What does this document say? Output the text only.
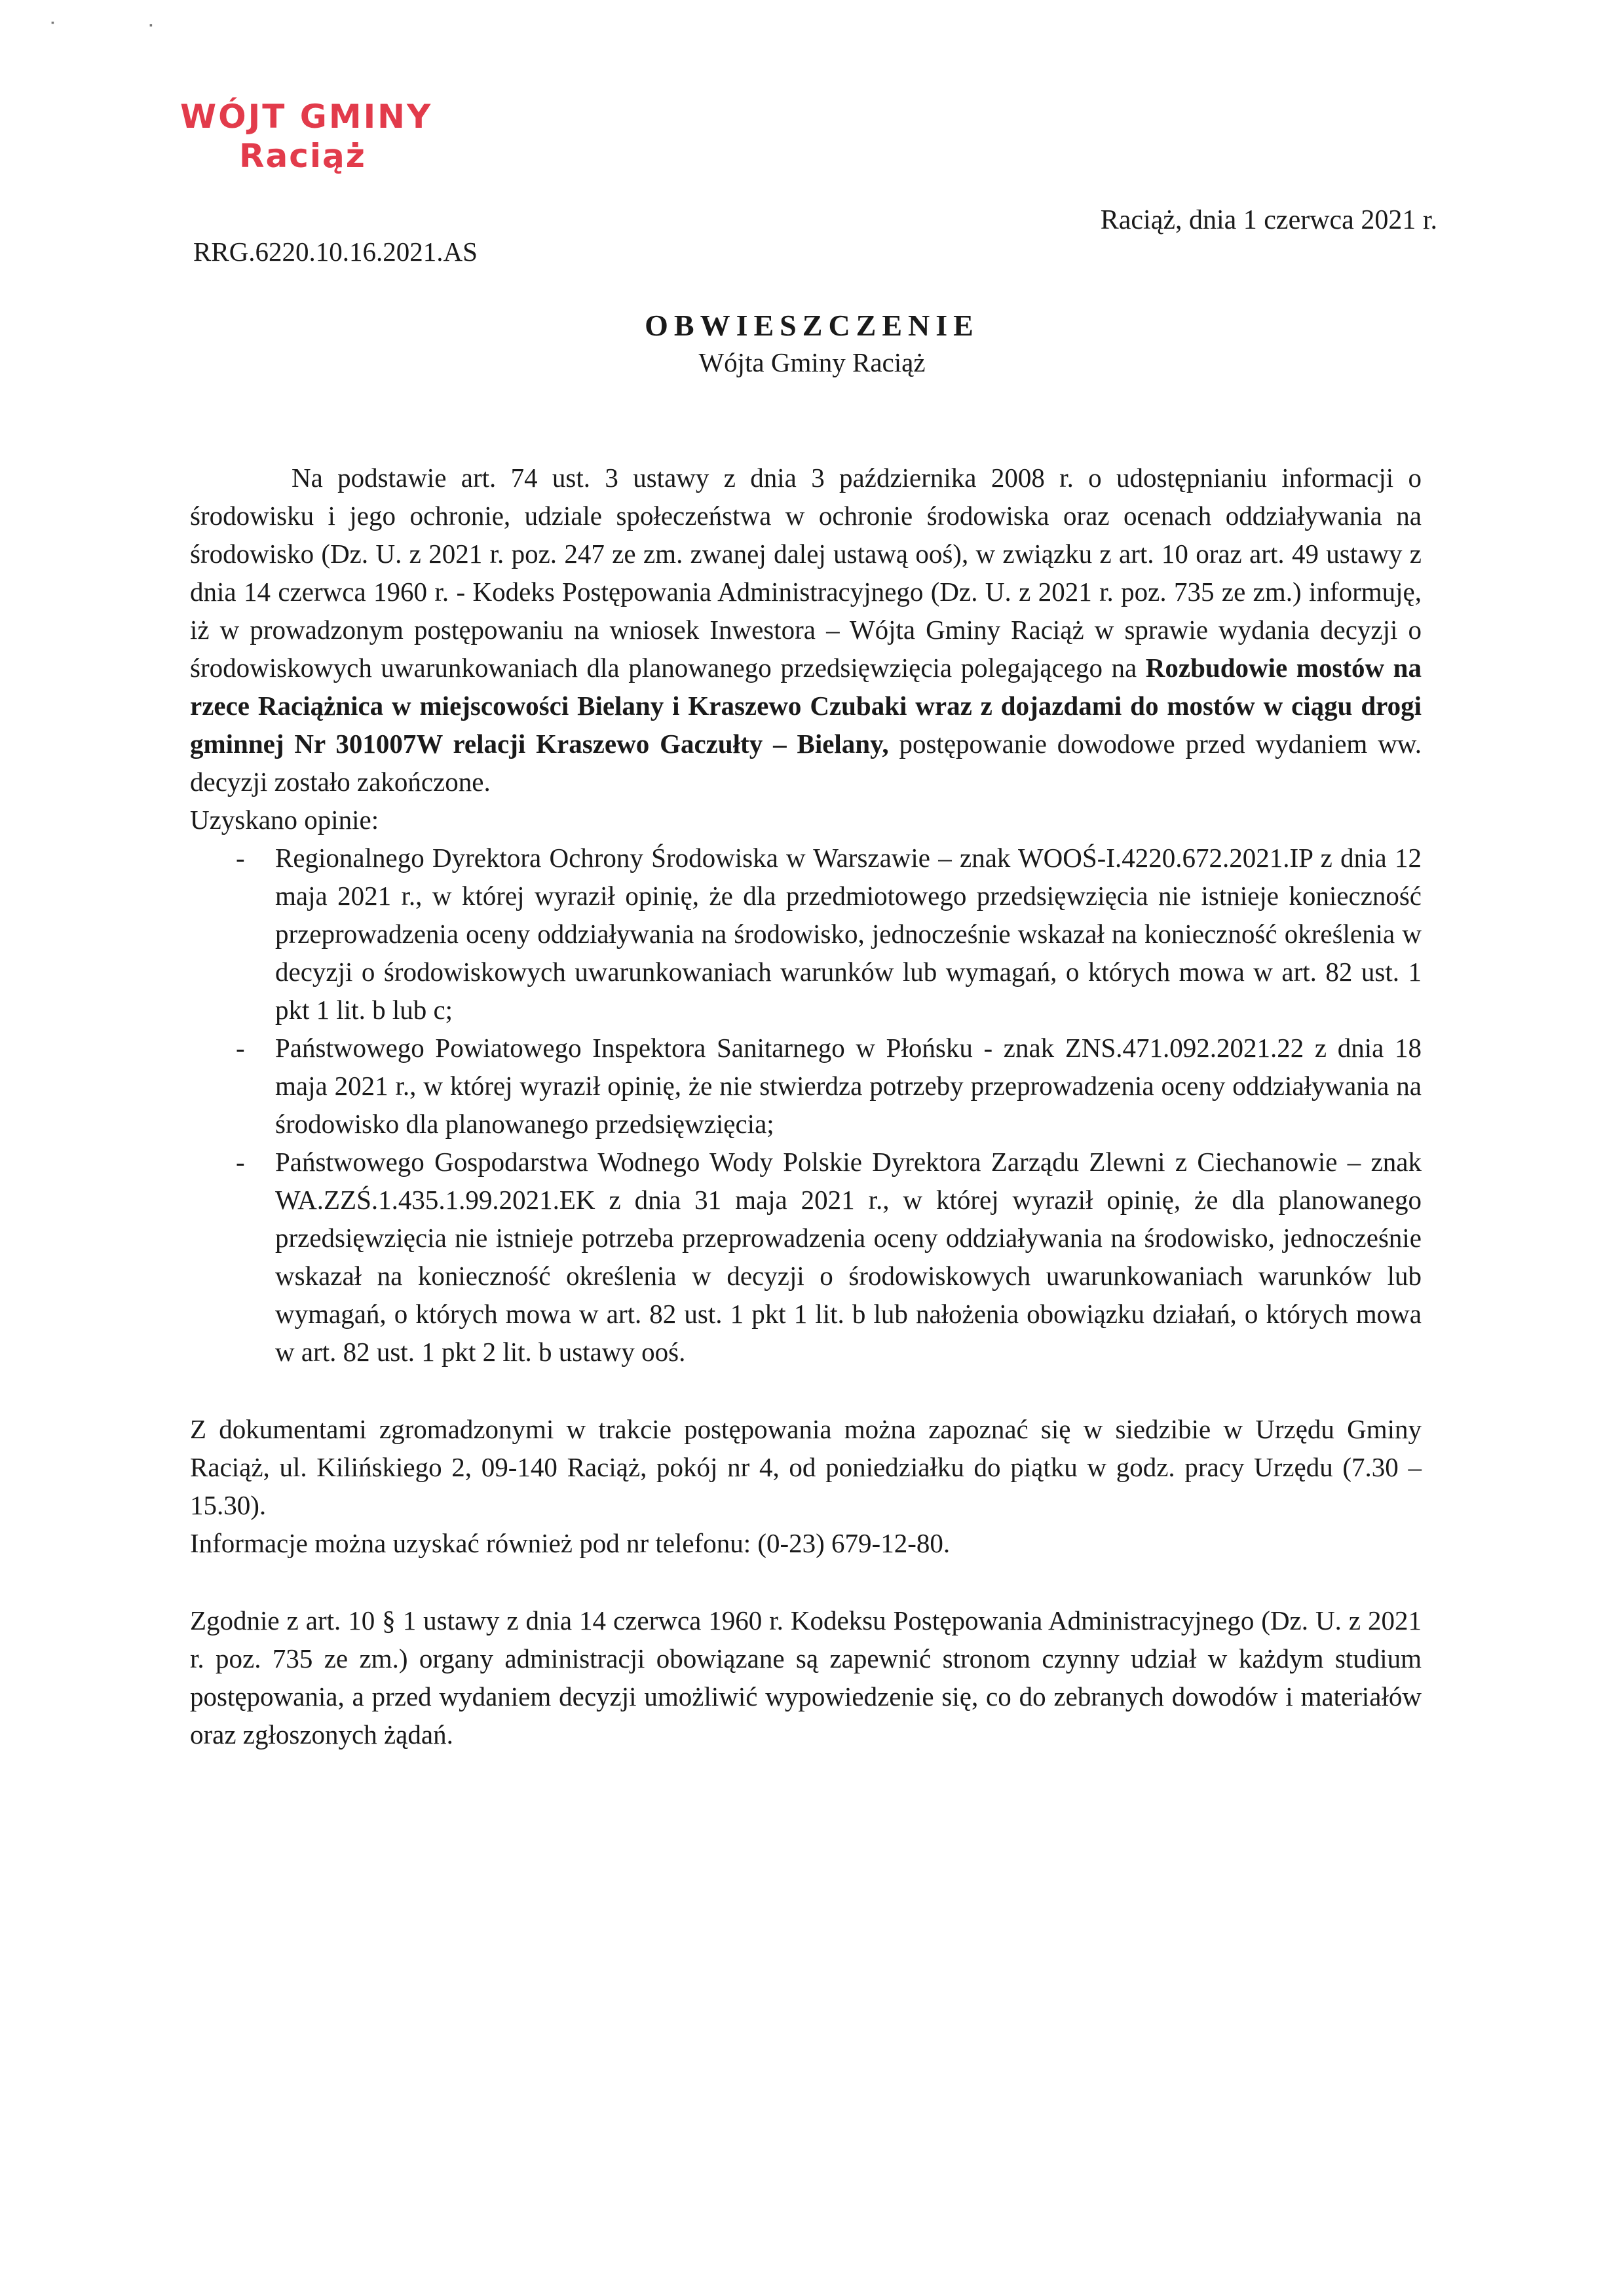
▪	▪
WÓJT GMINY
Raciąż
RRG.6220.10.16.2021.AS
Raciąż, dnia 1 czerwca 2021 r.
OBWIESZCZENIE
Wójta Gminy Raciąż

Na podstawie art. 74 ust. 3 ustawy z dnia 3 października 2008 r. o udostępnianiu informacji o środowisku i jego ochronie, udziale społeczeństwa w ochronie środowiska oraz ocenach oddziaływania na środowisko (Dz. U. z 2021 r. poz. 247 ze zm. zwanej dalej ustawą ooś), w związku z art. 10 oraz art. 49 ustawy z dnia 14 czerwca 1960 r. - Kodeks Postępowania Administracyjnego (Dz. U. z 2021 r. poz. 735 ze zm.) informuję, iż w prowadzonym postępowaniu na wniosek Inwestora – Wójta Gminy Raciąż w sprawie wydania decyzji o środowiskowych uwarunkowaniach dla planowanego przedsięwzięcia polegającego na Rozbudowie mostów na rzece Raciążnica w miejscowości Bielany i Kraszewo Czubaki wraz z dojazdami do mostów w ciągu drogi gminnej Nr 301007W relacji Kraszewo Gaczułty – Bielany, postępowanie dowodowe przed wydaniem ww. decyzji zostało zakończone.

Uzyskano opinie:

- Regionalnego Dyrektora Ochrony Środowiska w Warszawie – znak WOOŚ-I.4220.672.2021.IP z dnia 12 maja 2021 r., w której wyraził opinię, że dla przedmiotowego przedsięwzięcia nie istnieje konieczność przeprowadzenia oceny oddziaływania na środowisko, jednocześnie wskazał na konieczność określenia w decyzji o środowiskowych uwarunkowaniach warunków lub wymagań, o których mowa w art. 82 ust. 1 pkt 1 lit. b lub c;
- Państwowego Powiatowego Inspektora Sanitarnego w Płońsku - znak ZNS.471.092.2021.22 z dnia 18 maja 2021 r., w której wyraził opinię, że nie stwierdza potrzeby przeprowadzenia oceny oddziaływania na środowisko dla planowanego przedsięwzięcia;
- Państwowego Gospodarstwa Wodnego Wody Polskie Dyrektora Zarządu Zlewni z Ciechanowie – znak WA.ZZŚ.1.435.1.99.2021.EK z dnia 31 maja 2021 r., w której wyraził opinię, że dla planowanego przedsięwzięcia nie istnieje potrzeba przeprowadzenia oceny oddziaływania na środowisko, jednocześnie wskazał na konieczność określenia w decyzji o środowiskowych uwarunkowaniach warunków lub wymagań, o których mowa w art. 82 ust. 1 pkt 1 lit. b lub nałożenia obowiązku działań, o których mowa w art. 82 ust. 1 pkt 2 lit. b ustawy ooś.

Z dokumentami zgromadzonymi w trakcie postępowania można zapoznać się w siedzibie w Urzędu Gminy Raciąż, ul. Kilińskiego 2, 09-140 Raciąż, pokój nr 4, od poniedziałku do piątku w godz. pracy Urzędu (7.30 – 15.30).

Informacje można uzyskać również pod nr telefonu: (0-23) 679-12-80.

Zgodnie z art. 10 § 1 ustawy z dnia 14 czerwca 1960 r. Kodeksu Postępowania Administracyjnego (Dz. U. z 2021 r. poz. 735 ze zm.) organy administracji obowiązane są zapewnić stronom czynny udział w każdym studium postępowania, a przed wydaniem decyzji umożliwić wypowiedzenie się, co do zebranych dowodów i materiałów oraz zgłoszonych żądań.
